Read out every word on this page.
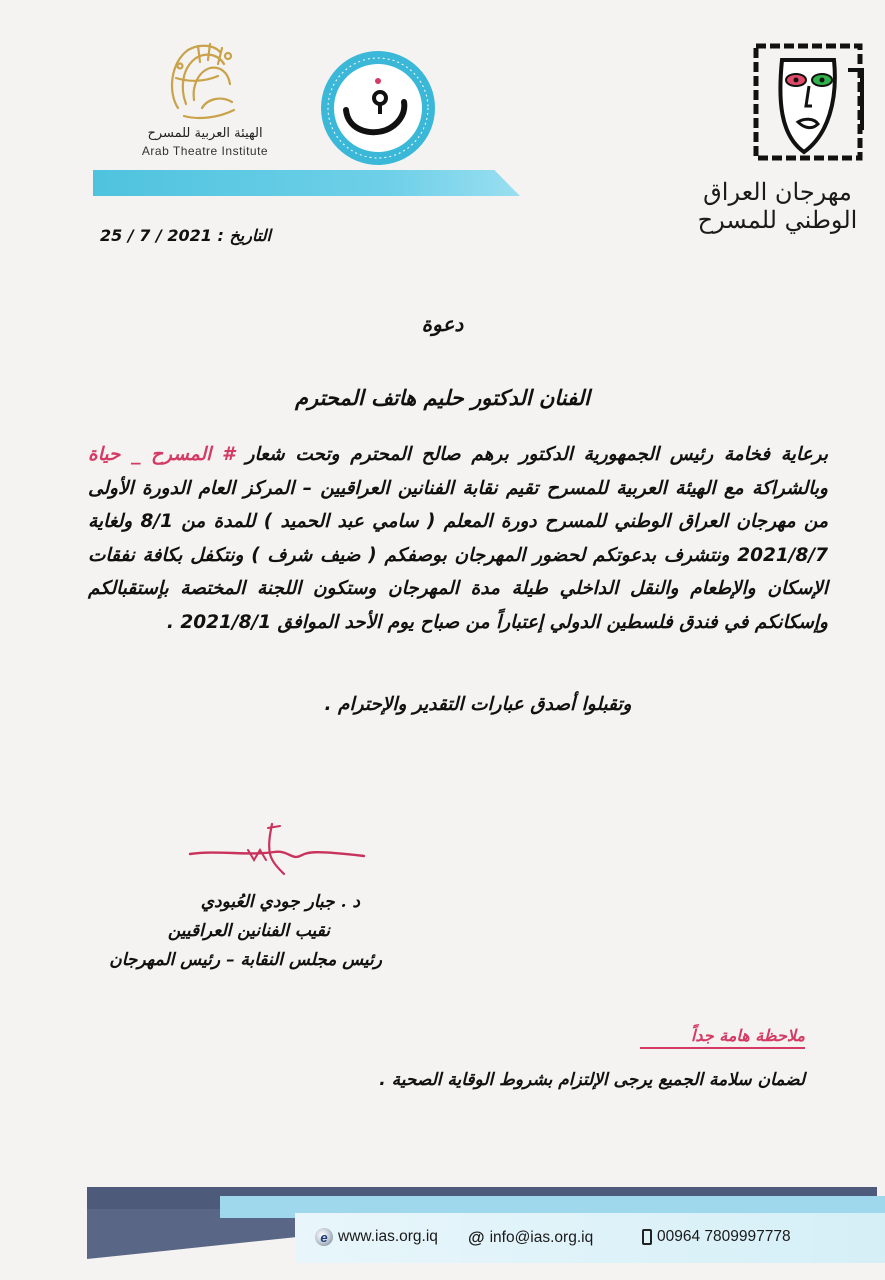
الهيئة العربية للمسرح
Arab Theatre Institute
مهرجان العراق الوطني للمسرح
التاريخ : 25 / 7 / 2021
دعوة
الفنان الدكتور حليم هاتف المحترم
برعاية فخامة رئيس الجمهورية الدكتور برهم صالح المحترم وتحت شعار # المسرح _ حياة وبالشراكة مع الهيئة العربية للمسرح تقيم نقابة الفنانين العراقيين – المركز العام الدورة الأولى من مهرجان العراق الوطني للمسرح دورة المعلم ( سامي عبد الحميد ) للمدة من 8/1 ولغاية 2021/8/7 ونتشرف بدعوتكم لحضور المهرجان بوصفكم ( ضيف شرف ) ونتكفل بكافة نفقات الإسكان والإطعام والنقل الداخلي طيلة مدة المهرجان وستكون اللجنة المختصة بإستقبالكم وإسكانكم في فندق فلسطين الدولي إعتباراً من صباح يوم الأحد الموافق 2021/8/1 .
وتقبلوا أصدق عبارات التقدير والإحترام .
د . جبار جودي العُبودي
نقيب الفنانين العراقيين
رئيس مجلس النقابة – رئيس المهرجان
ملاحظة هامة جداً
لضمان سلامة الجميع يرجى الإلتزام بشروط الوقاية الصحية .
e www.ias.org.iq @ info@ias.org.iq	00964 7809997778
